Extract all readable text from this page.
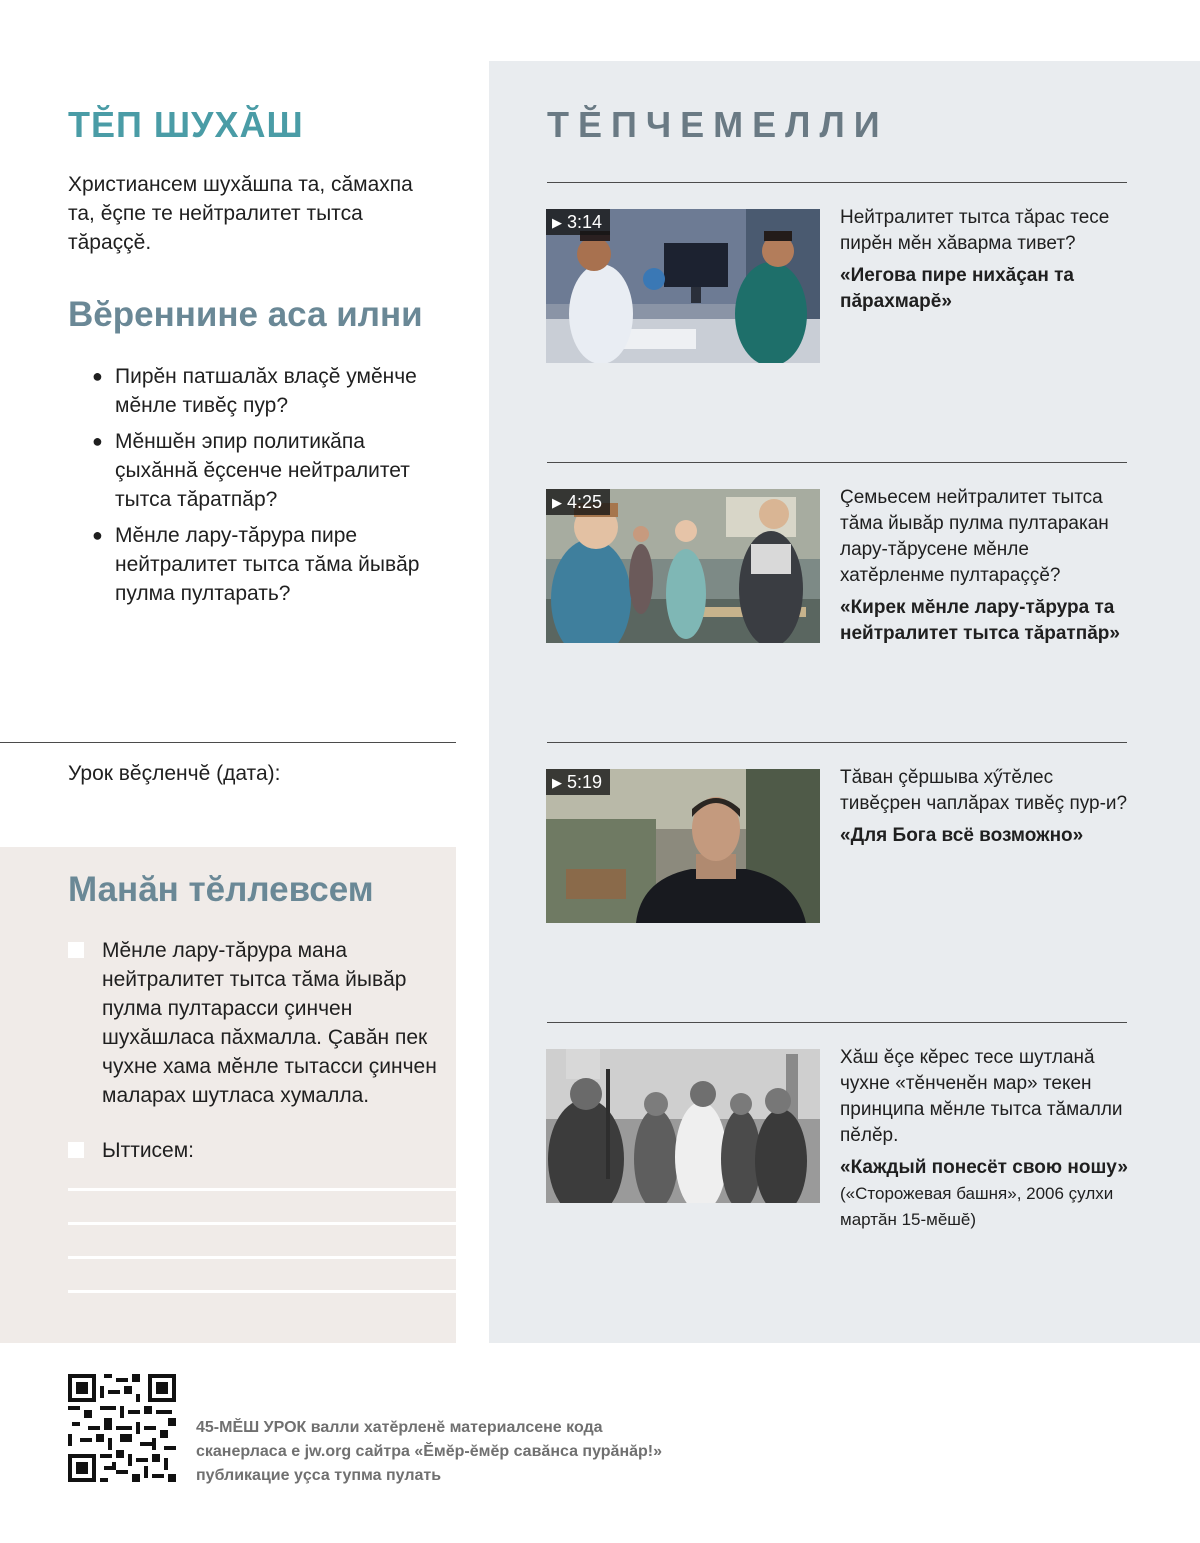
ТĔП ШУХĂШ

Христиансем шухăшпа та, сăмахпа та, ĕçпе те нейтралитет тытса тăраççĕ.

Вĕреннине аса илни
● Пирĕн патшалăх влаçĕ умĕнче мĕнле тивĕç пур?
● Мĕншĕн эпир политикăпа çыхăннă ĕçсенче нейтралитет тытса тăратпăр?
● Мĕнле лару-тăрура пире нейтралитет тытса тăма йывăр пулма пултарать?
Урок вĕçленчĕ (дата):
Манăн тĕллевсем
Мĕнле лару-тăрура мана нейтралитет тытса тăма йывăр пулма пултарасси çинчен шухăшласа пăхмалла. Çавăн пек чухне хама мĕнле тытасси çинчен маларах шутласа хумалла.
Ыттисем:
ТĔПЧЕМЕЛЛИ
▶ 3:14	Нейтралитет тытса тăрас тесе пирĕн мĕн хăварма тивет?

«Иегова пире нихăçан та пăрахмарĕ»

▶ 4:25	Çемьесем нейтралитет тытса тăма йывăр пулма пултаракан лару-тăрусене мĕнле хатĕрленме пултараççĕ?

«Кирек мĕнле лару-тăрура та нейтралитет тытса тăратпăр»

▶ 5:19	Тăван çĕршыва хӳтĕлес тивĕçрен чаплăрах тивĕç пур-и?

«Для Бога всё возможно»

Хăш ĕçе кĕрес тесе шутланă чухне «тĕнченĕн мар» текен принципа мĕнле тытса тăмалли пĕлĕр.

«Каждый понесёт свою ношу» («Сторожевая башня», 2006 çулхи мартăн 15-мĕшĕ)

45-МĔШ УРОК валли хатĕрленĕ материалсене кода сканерласа е jw.org сайтра «Ĕмĕр-ĕмĕр савăнса пурăнăр!» публикацие уçса тупма пулать
